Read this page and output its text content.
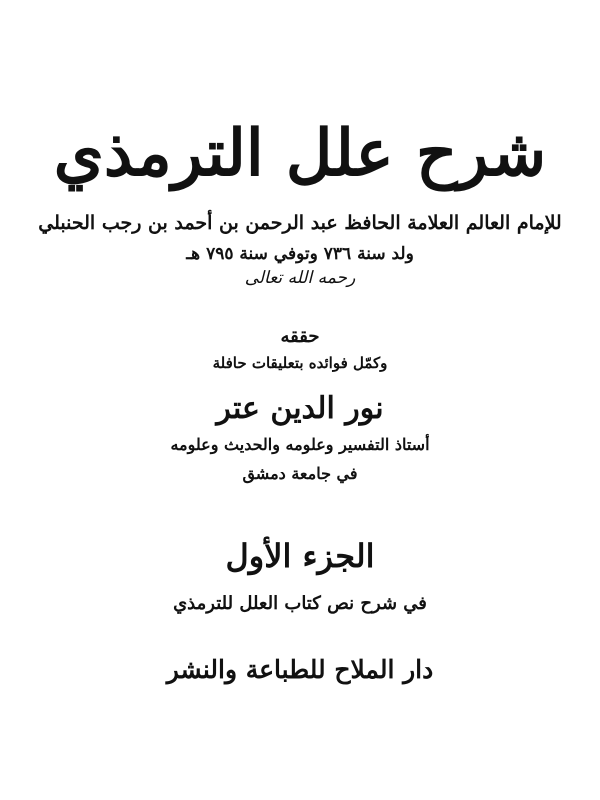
شرح علل الترمذي
للإمام العالم العلامة الحافظ عبد الرحمن بن أحمد بن رجب الحنبلي
ولد سنة ٧٣٦ وتوفي سنة ٧٩٥ هـ
رحمه الله تعالى
حققه
وكمّل فوائده بتعليقات حافلة
نور الدين عتر
أستاذ التفسير وعلومه والحديث وعلومه
في جامعة دمشق
الجزء الأول
في شرح نص كتاب العلل للترمذي
دار الملاح للطباعة والنشر
